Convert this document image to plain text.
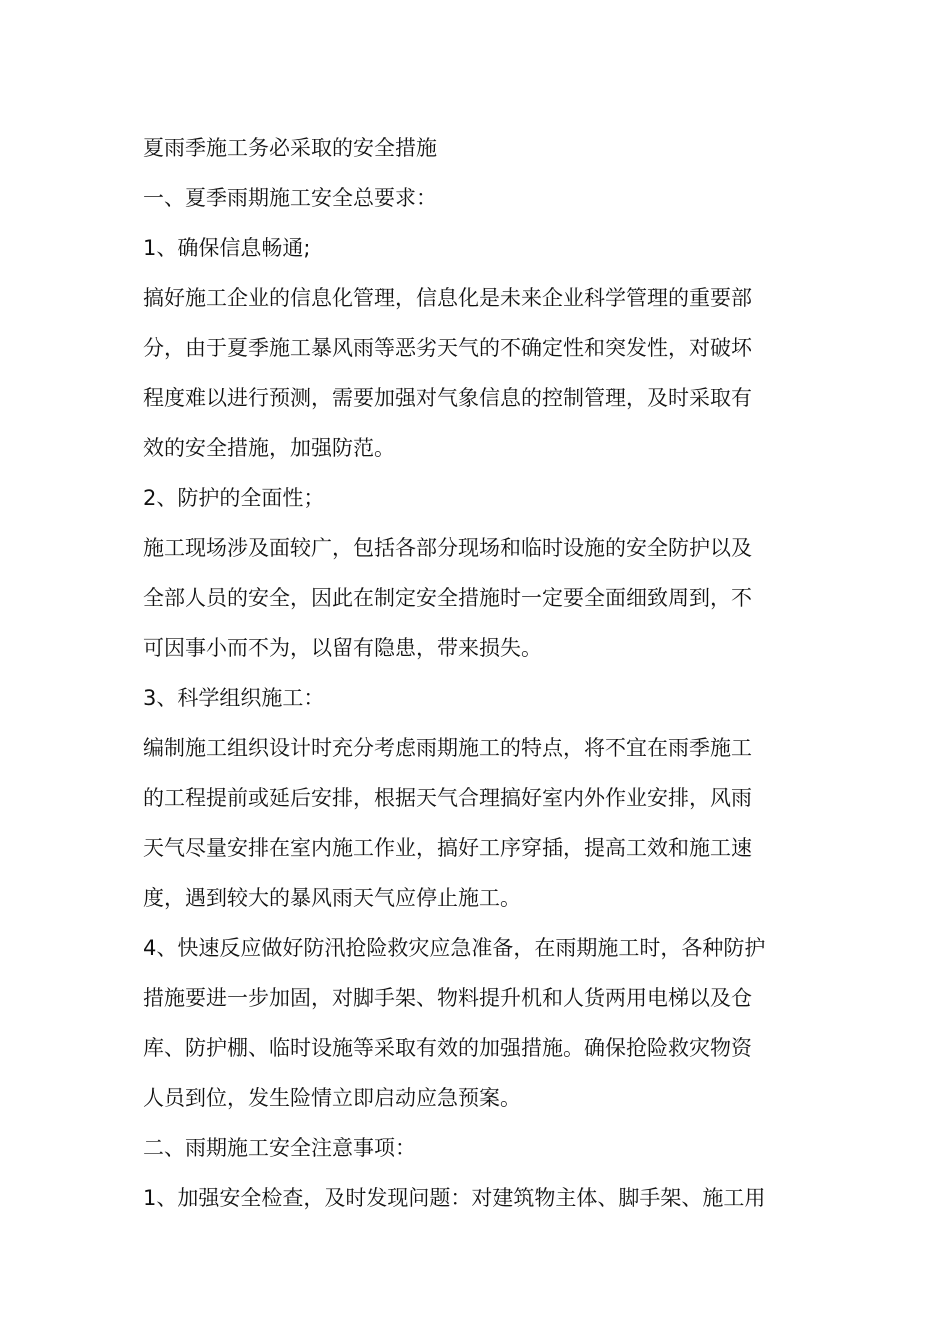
夏雨季施工务必采取的安全措施
一、夏季雨期施工安全总要求：
1、确保信息畅通;
搞好施工企业的信息化管理，信息化是未来企业科学管理的重要部
分，由于夏季施工暴风雨等恶劣天气的不确定性和突发性，对破坏
程度难以进行预测，需要加强对气象信息的控制管理，及时采取有
效的安全措施，加强防范。
2、防护的全面性；
施工现场涉及面较广，包括各部分现场和临时设施的安全防护以及
全部人员的安全，因此在制定安全措施时一定要全面细致周到，不
可因事小而不为，以留有隐患，带来损失。
3、科学组织施工：
编制施工组织设计时充分考虑雨期施工的特点，将不宜在雨季施工
的工程提前或延后安排，根据天气合理搞好室内外作业安排，风雨
天气尽量安排在室内施工作业，搞好工序穿插，提高工效和施工速
度，遇到较大的暴风雨天气应停止施工。
4、快速反应做好防汛抢险救灾应急准备，在雨期施工时，各种防护
措施要进一步加固，对脚手架、物料提升机和人货两用电梯以及仓
库、防护棚、临时设施等采取有效的加强措施。确保抢险救灾物资
人员到位，发生险情立即启动应急预案。
二、雨期施工安全注意事项：
1、加强安全检查，及时发现问题：对建筑物主体、脚手架、施工用
